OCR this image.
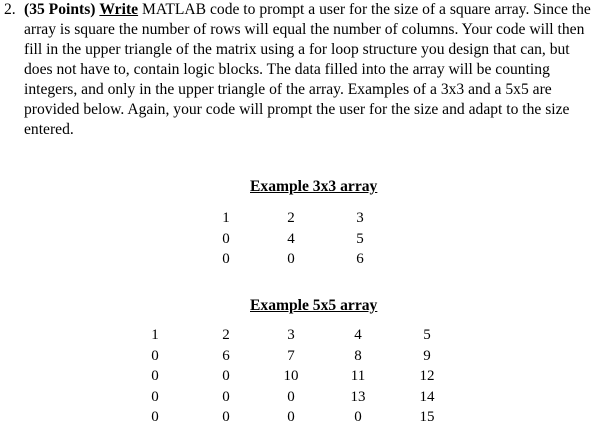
2. (35 Points) Write MATLAB code to prompt a user for the size of a square array. Since the array is square the number of rows will equal the number of columns. Your code will then fill in the upper triangle of the matrix using a for loop structure you design that can, but does not have to, contain logic blocks. The data filled into the array will be counting integers, and only in the upper triangle of the array. Examples of a 3x3 and a 5x5 are provided below. Again, your code will prompt the user for the size and adapt to the size entered.
Example 3x3 array
1	2	3
0	4	5
0	0	6
Example 5x5 array
1	2	3	4	5
0	6	7	8	9
0	0	10	11	12
0	0	0	13	14
0	0	0	0	15
